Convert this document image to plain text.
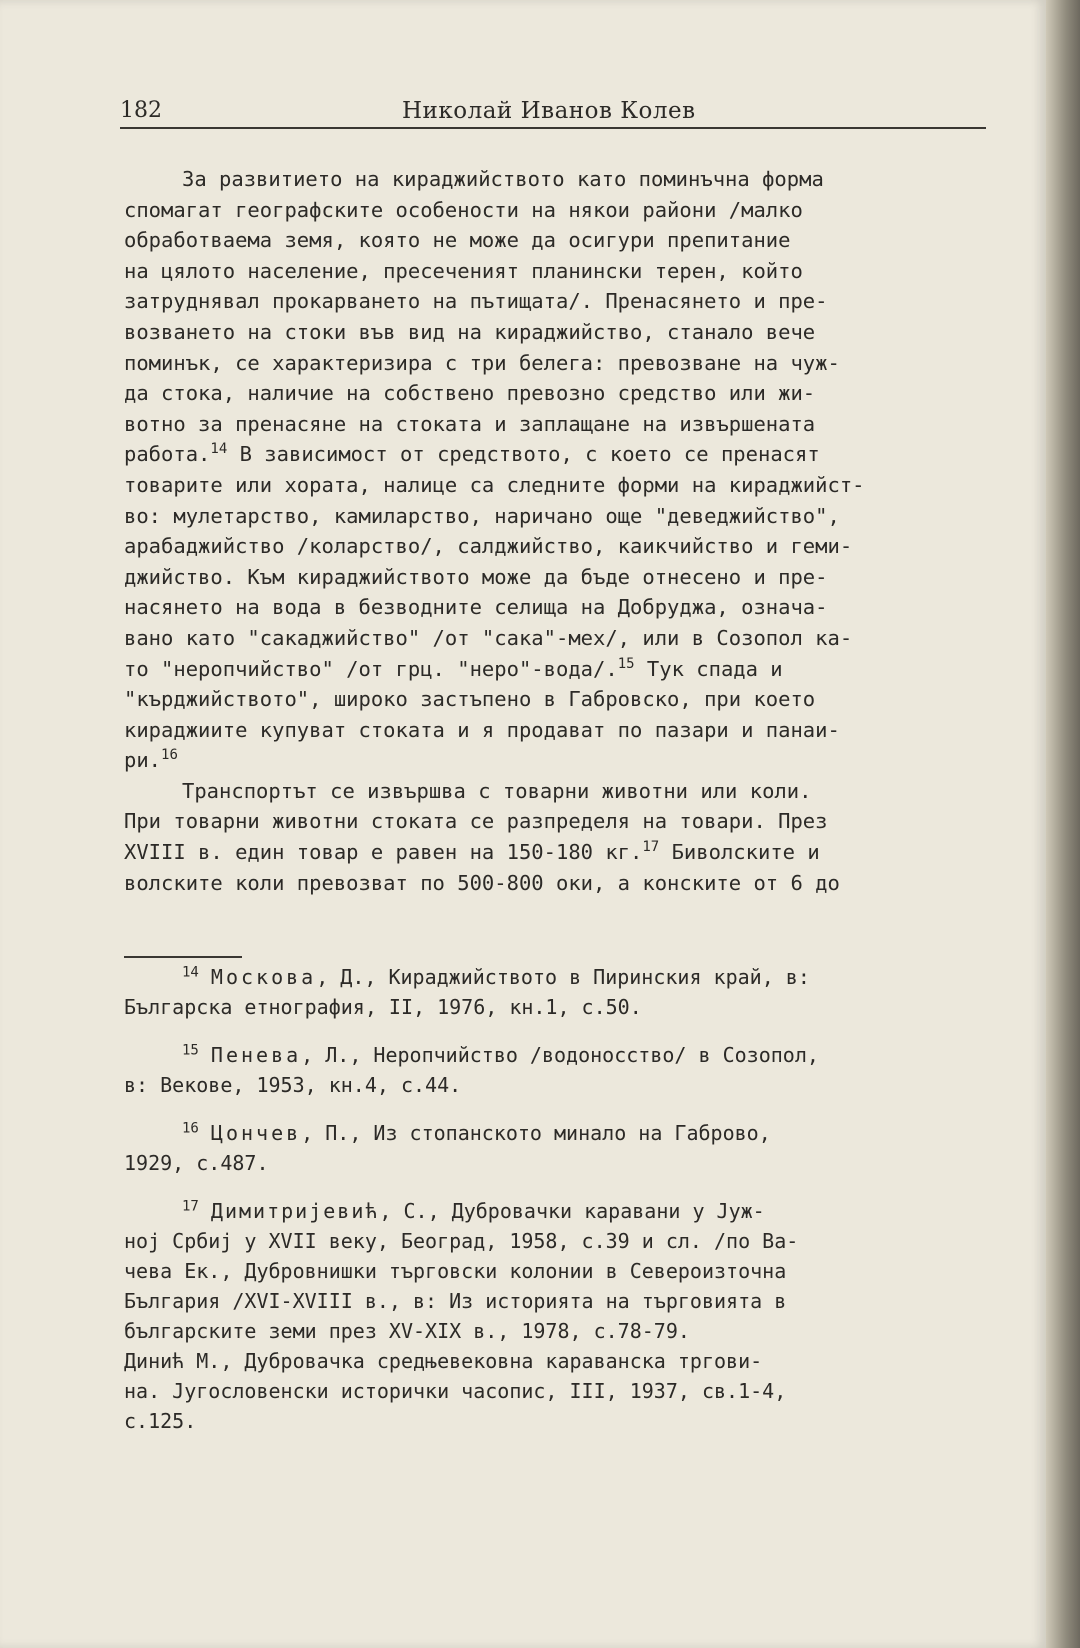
182	Николай Иванов Колев
За развитието на кираджийството като поминъчна форма
спомагат географските особености на някои райони /малко
обработваема земя, която не може да осигури препитание
на цялото население, пресеченият планински терен, който
затруднявал прокарването на пътищата/. Пренасянето и пре-
возването на стоки във вид на кираджийство, станало вече
поминък, се характеризира с три белега: превозване на чуж-
да стока, наличие на собствено превозно средство или жи-
вотно за пренасяне на стоката и заплащане на извършената
работа.$^{14}$ В зависимост от средството, с което се пренасят
товарите или хората, налице са следните форми на кираджийст-
во: мулетарство, камиларство, наричано още "деведжийство",
арабаджийство /коларство/, салджийство, каикчийство и геми-
джийство. Към кираджийството може да бъде отнесено и пре-
насянето на вода в безводните селища на Добруджа, означа-
вано като "сакаджийство" /от "сака"-мех/, или в Созопол ка-
то "неропчийство" /от грц. "неро"-вода/.$^{15}$ Тук спада и
"кърджийството", широко застъпено в Габровско, при което
кираджиите купуват стоката и я продават по пазари и панаи-
ри.$^{16}$
Транспортът се извършва с товарни животни или коли.
При товарни животни стоката се разпределя на товари. През
XVIII в. един товар е равен на 150-180 кг.$^{17}$ Биволските и
волските коли превозват по 500-800 оки, а конските от 6 до
$^{14}$ Москова, Д., Кираджийството в Пиринския край, в:
Българска етнография, II, 1976, кн.1, с.50.
$^{15}$ Пенева, Л., Неропчийство /водоносство/ в Созопол,
в: Векове, 1953, кн.4, с.44.
$^{16}$ Цончев, П., Из стопанското минало на Габрово,
1929, с.487.
$^{17}$ Димитријевић, С., Дубровачки каравани у Јуж-
ној Србиј у XVII веку, Београд, 1958, с.39 и сл. /по Ва-
чева Ек., Дубровнишки търговски колонии в Североизточна
България /XVI-XVIII в., в: Из историята на търговията в
българските земи през XV-XIX в., 1978, с.78-79.
Динић М., Дубровачка средњевековна караванска тргови-
на. Југословенски исторички часопис, III, 1937, св.1-4,
с.125.
